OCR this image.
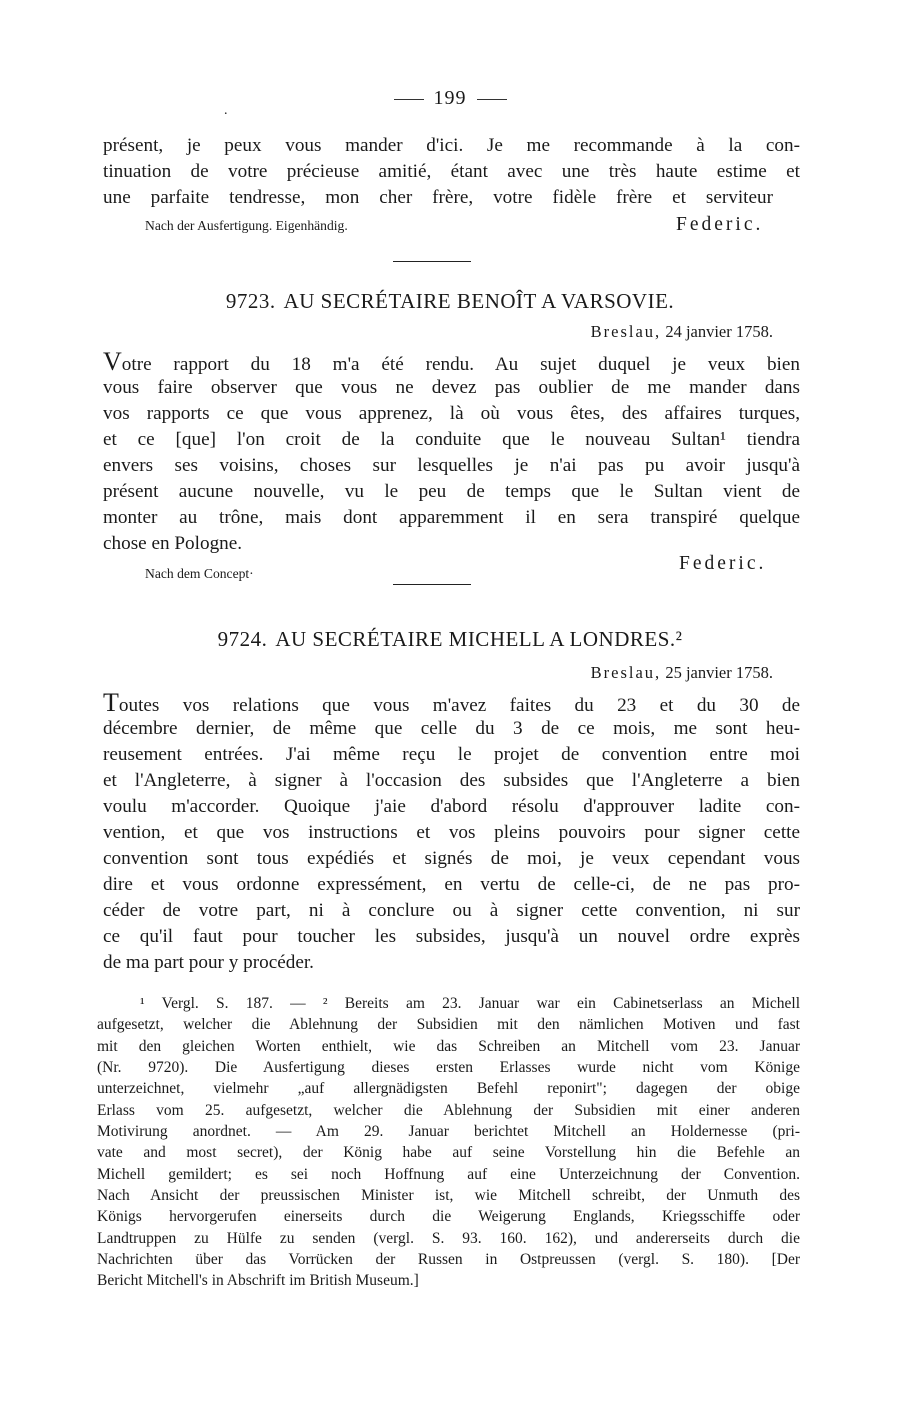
199
.
présent, je peux vous mander d'ici. Je me recommande à la con-
tinuation de votre précieuse amitié, étant avec une très haute estime et
une parfaite tendresse, mon cher frère, votre fidèle frère et serviteur
Nach der Ausfertigung. Eigenhändig.	Federic.
9723. AU SECRÉTAIRE BENOÎT A VARSOVIE.
Breslau, 24 janvier 1758.
Votre rapport du 18 m'a été rendu. Au sujet duquel je veux bien
vous faire observer que vous ne devez pas oublier de me mander dans
vos rapports ce que vous apprenez, là où vous êtes, des affaires turques,
et ce [que] l'on croit de la conduite que le nouveau Sultan¹ tiendra
envers ses voisins, choses sur lesquelles je n'ai pas pu avoir jusqu'à
présent aucune nouvelle, vu le peu de temps que le Sultan vient de
monter au trône, mais dont apparemment il en sera transpiré quelque
chose en Pologne.
Nach dem Concept·	Federic.
9724. AU SECRÉTAIRE MICHELL A LONDRES.²
Breslau, 25 janvier 1758.
Toutes vos relations que vous m'avez faites du 23 et du 30 de
décembre dernier, de même que celle du 3 de ce mois, me sont heu-
reusement entrées. J'ai même reçu le projet de convention entre moi
et l'Angleterre, à signer à l'occasion des subsides que l'Angleterre a bien
voulu m'accorder. Quoique j'aie d'abord résolu d'approuver ladite con-
vention, et que vos instructions et vos pleins pouvoirs pour signer cette
convention sont tous expédiés et signés de moi, je veux cependant vous
dire et vous ordonne expressément, en vertu de celle-ci, de ne pas pro-
céder de votre part, ni à conclure ou à signer cette convention, ni sur
ce qu'il faut pour toucher les subsides, jusqu'à un nouvel ordre exprès
de ma part pour y procéder.
¹ Vergl. S. 187. — ² Bereits am 23. Januar war ein Cabinetserlass an Michell
aufgesetzt, welcher die Ablehnung der Subsidien mit den nämlichen Motiven und fast
mit den gleichen Worten enthielt, wie das Schreiben an Mitchell vom 23. Januar
(Nr. 9720). Die Ausfertigung dieses ersten Erlasses wurde nicht vom Könige
unterzeichnet, vielmehr „auf allergnädigsten Befehl reponirt"; dagegen der obige
Erlass vom 25. aufgesetzt, welcher die Ablehnung der Subsidien mit einer anderen
Motivirung anordnet. — Am 29. Januar berichtet Mitchell an Holdernesse (pri-
vate and most secret), der König habe auf seine Vorstellung hin die Befehle an
Michell gemildert; es sei noch Hoffnung auf eine Unterzeichnung der Convention.
Nach Ansicht der preussischen Minister ist, wie Mitchell schreibt, der Unmuth des
Königs hervorgerufen einerseits durch die Weigerung Englands, Kriegsschiffe oder
Landtruppen zu Hülfe zu senden (vergl. S. 93. 160. 162), und andererseits durch die
Nachrichten über das Vorrücken der Russen in Ostpreussen (vergl. S. 180). [Der
Bericht Mitchell's in Abschrift im British Museum.]
